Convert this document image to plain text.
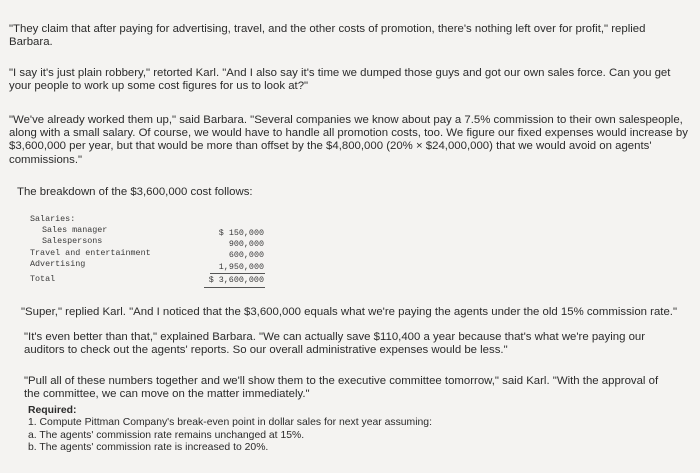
"They claim that after paying for advertising, travel, and the other costs of promotion, there's nothing left over for profit," replied Barbara.

"I say it's just plain robbery," retorted Karl. "And I also say it's time we dumped those guys and got our own sales force. Can you get your people to work up some cost figures for us to look at?"

"We've already worked them up," said Barbara. "Several companies we know about pay a 7.5% commission to their own salespeople, along with a small salary. Of course, we would have to handle all promotion costs, too. We figure our fixed expenses would increase by $3,600,000 per year, but that would be more than offset by the $4,800,000 (20% × $24,000,000) that we would avoid on agents' commissions."

The breakdown of the $3,600,000 cost follows:

Salaries:
Sales manager
Salespersons
Travel and entertainment
Advertising
Total
$ 150,000
900,000
600,000
1,950,000
$ 3,600,000

"Super," replied Karl. "And I noticed that the $3,600,000 equals what we're paying the agents under the old 15% commission rate."

"It's even better than that," explained Barbara. "We can actually save $110,400 a year because that's what we're paying our auditors to check out the agents' reports. So our overall administrative expenses would be less."

"Pull all of these numbers together and we'll show them to the executive committee tomorrow," said Karl. "With the approval of the committee, we can move on the matter immediately."

Required:
1. Compute Pittman Company's break-even point in dollar sales for next year assuming:
a. The agents' commission rate remains unchanged at 15%.
b. The agents' commission rate is increased to 20%.
